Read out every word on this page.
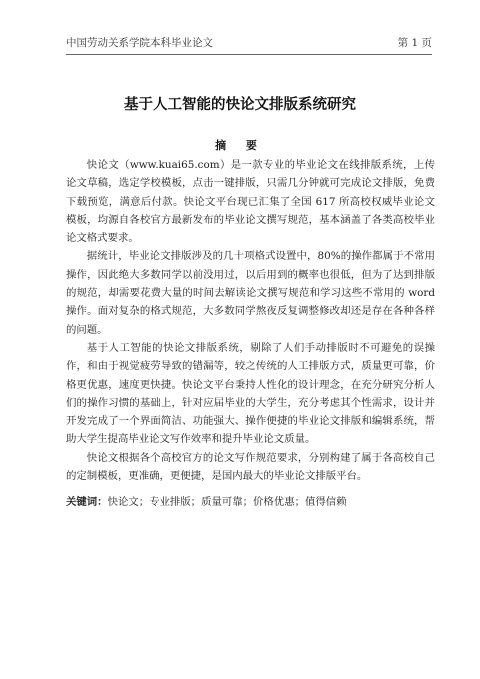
中国劳动关系学院本科毕业论文	第 1 页
基于人工智能的快论文排版系统研究
摘 要

快论文（www.kuai65.com）是一款专业的毕业论文在线排版系统，上传论文草稿，选定学校模板，点击一键排版，只需几分钟就可完成论文排版，免费下载预览，满意后付款。快论文平台现已汇集了全国 617 所高校权威毕业论文模板，均源自各校官方最新发布的毕业论文撰写规范，基本涵盖了各类高校毕业论文格式要求。

据统计，毕业论文排版涉及的几十项格式设置中，80%的操作都属于不常用操作，因此绝大多数同学以前没用过，以后用到的概率也很低，但为了达到排版的规范，却需要花费大量的时间去解读论文撰写规范和学习这些不常用的 word 操作。面对复杂的格式规范，大多数同学熬夜反复调整修改却还是存在各种各样的问题。

基于人工智能的快论文排版系统，剔除了人们手动排版时不可避免的误操作，和由于视觉疲劳导致的错漏等，较之传统的人工排版方式，质量更可靠，价格更优惠，速度更快捷。快论文平台秉持人性化的设计理念，在充分研究分析人们的操作习惯的基础上，针对应届毕业的大学生，充分考虑其个性需求，设计并开发完成了一个界面简洁、功能强大、操作便捷的毕业论文排版和编辑系统，帮助大学生提高毕业论文写作效率和提升毕业论文质量。

快论文根据各个高校官方的论文写作规范要求，分别构建了属于各高校自己的定制模板，更准确，更便捷，是国内最大的毕业论文排版平台。

关键词：快论文；专业排版；质量可靠；价格优惠；值得信赖
